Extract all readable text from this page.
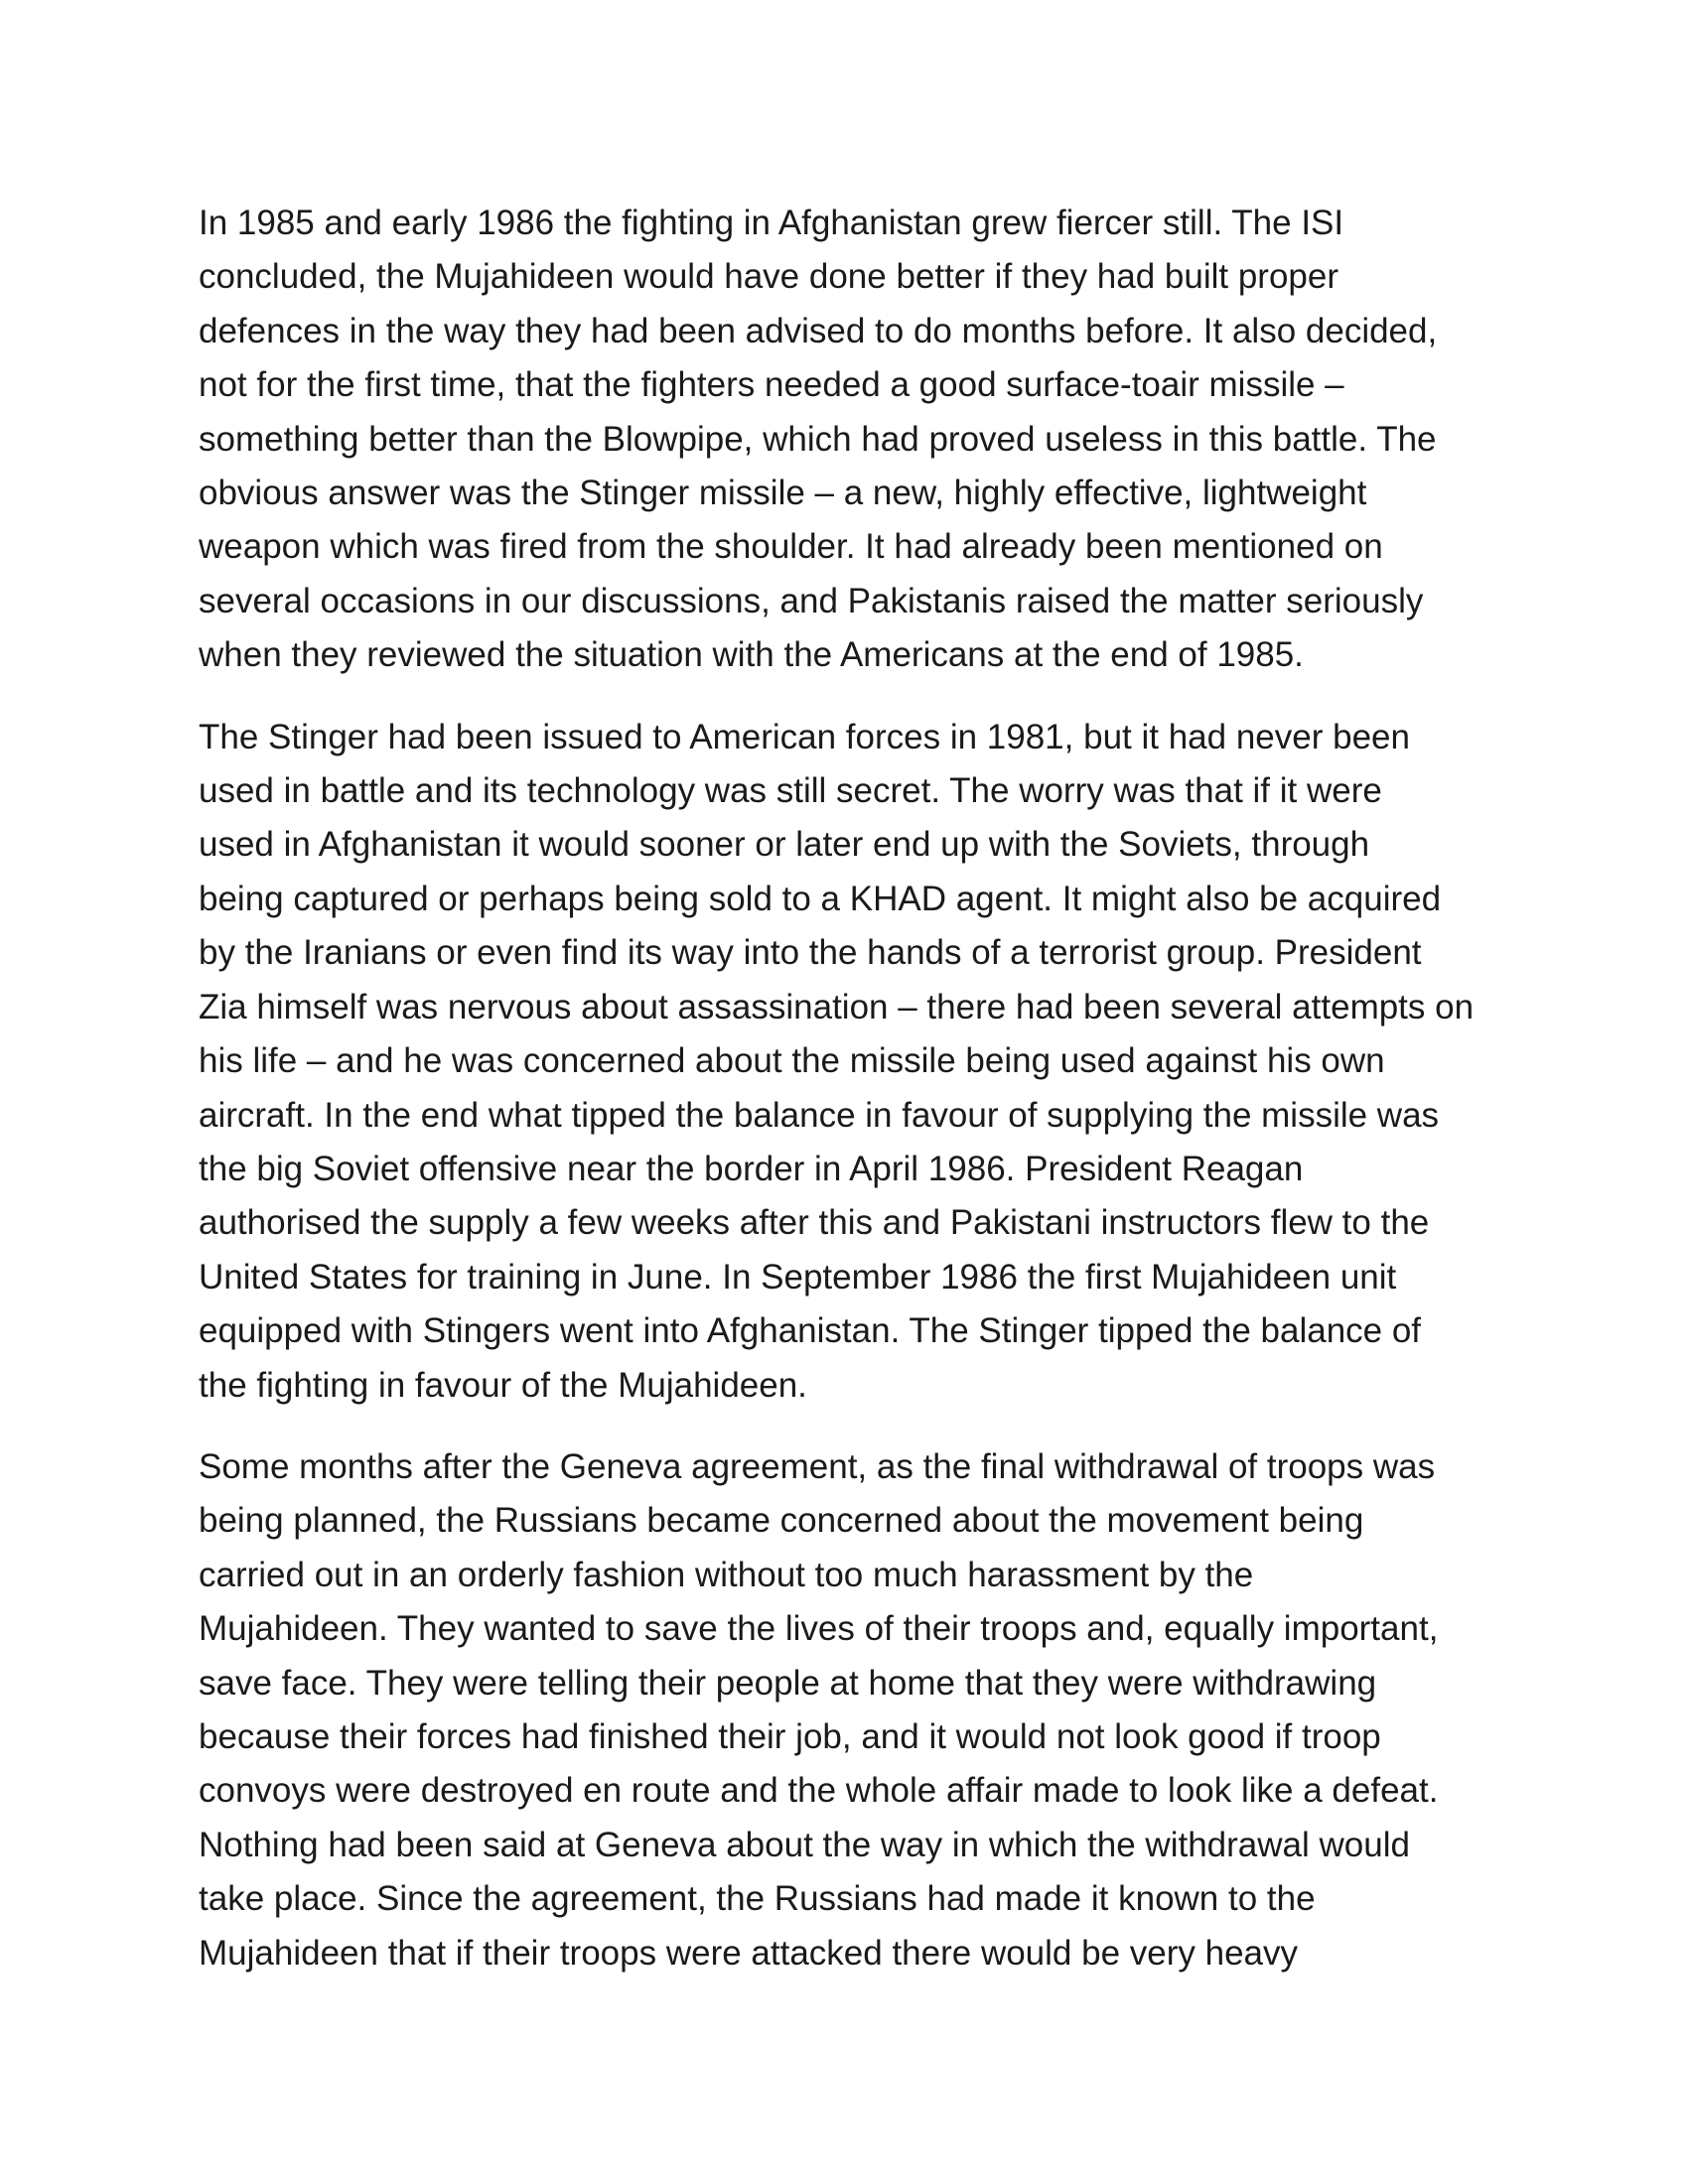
In 1985 and early 1986 the fighting in Afghanistan grew fiercer still. The ISI
concluded, the Mujahideen would have done better if they had built proper
defences in the way they had been advised to do months before. It also decided,
not for the first time, that the fighters needed a good surface-toair missile –
something better than the Blowpipe, which had proved useless in this battle. The
obvious answer was the Stinger missile – a new, highly effective, lightweight
weapon which was fired from the shoulder. It had already been mentioned on
several occasions in our discussions, and Pakistanis raised the matter seriously
when they reviewed the situation with the Americans at the end of 1985.

The Stinger had been issued to American forces in 1981, but it had never been
used in battle and its technology was still secret. The worry was that if it were
used in Afghanistan it would sooner or later end up with the Soviets, through
being captured or perhaps being sold to a KHAD agent. It might also be acquired
by the Iranians or even find its way into the hands of a terrorist group. President
Zia himself was nervous about assassination – there had been several attempts on
his life – and he was concerned about the missile being used against his own
aircraft. In the end what tipped the balance in favour of supplying the missile was
the big Soviet offensive near the border in April 1986. President Reagan
authorised the supply a few weeks after this and Pakistani instructors flew to the
United States for training in June. In September 1986 the first Mujahideen unit
equipped with Stingers went into Afghanistan. The Stinger tipped the balance of
the fighting in favour of the Mujahideen.

Some months after the Geneva agreement, as the final withdrawal of troops was
being planned, the Russians became concerned about the movement being
carried out in an orderly fashion without too much harassment by the
Mujahideen. They wanted to save the lives of their troops and, equally important,
save face. They were telling their people at home that they were withdrawing
because their forces had finished their job, and it would not look good if troop
convoys were destroyed en route and the whole affair made to look like a defeat.
Nothing had been said at Geneva about the way in which the withdrawal would
take place. Since the agreement, the Russians had made it known to the
Mujahideen that if their troops were attacked there would be very heavy
